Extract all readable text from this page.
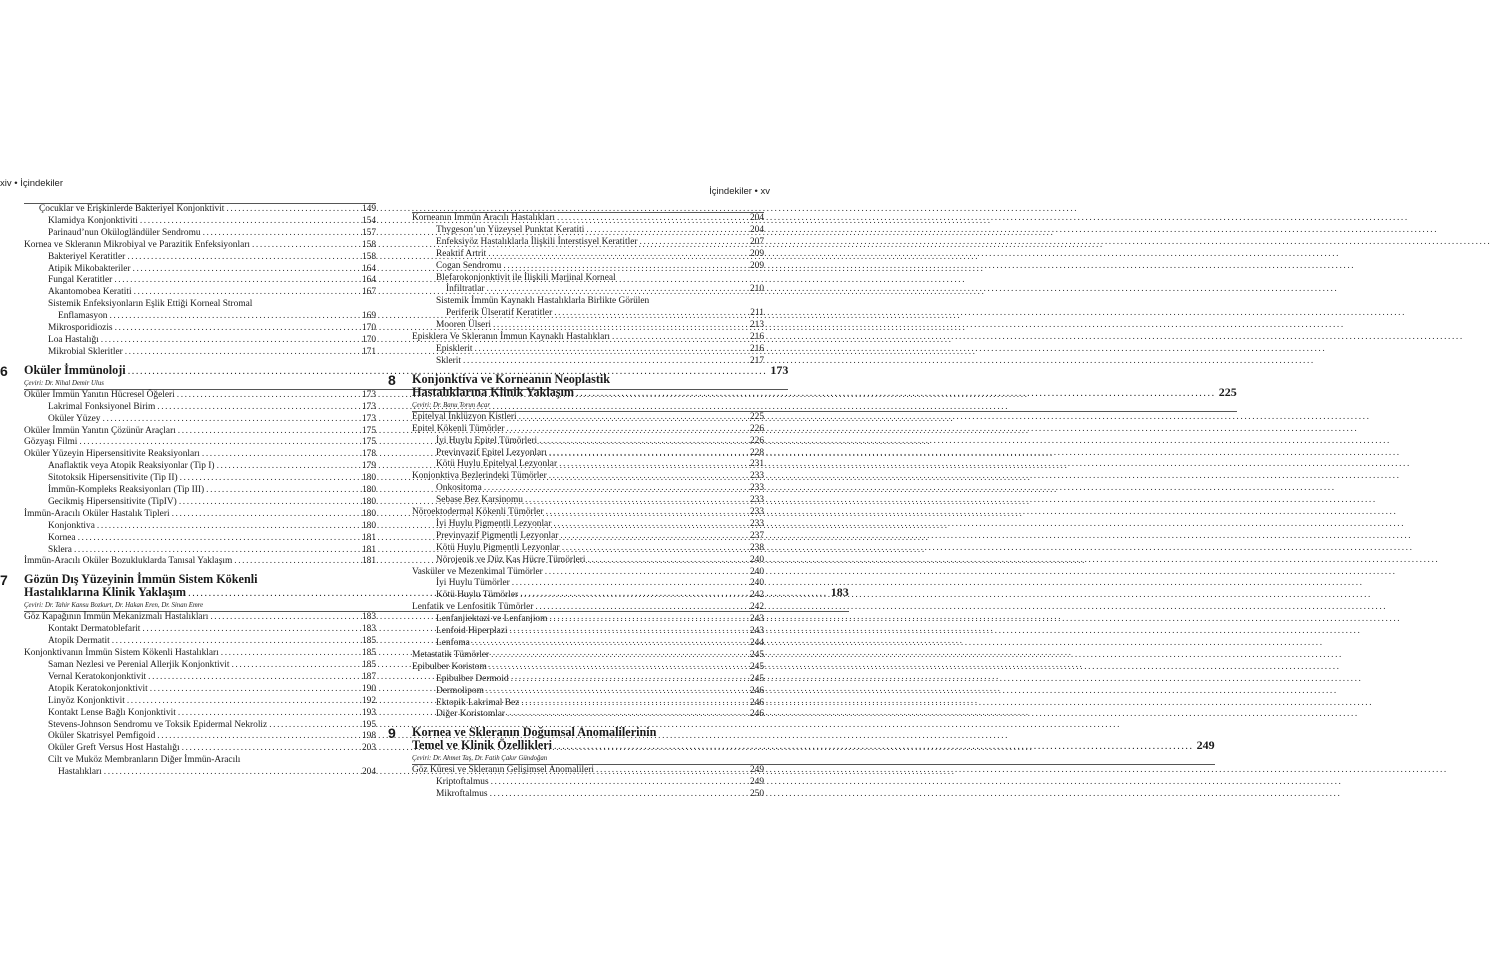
xiv • İçindekiler
İçindekiler • xv
Çocuklar ve Erişkinlerde Bakteriyel Konjonktivit .....	149
Klamidya Konjonktiviti .....	154
Parinaud’nun Okülogländüler Sendromu .....	157
Kornea ve Skleranın Mikrobiyal ve Parazitik Enfeksiyonları .....	158
Bakteriyel Keratitler .....	158
Atipik Mikobakteriler .....	164
Fungal Keratitler .....	164
Akantomobea Keratiti .....	167
Sistemik Enfeksiyonların Eşlik Ettiği Korneal Stromal
Enflamasyon .....	169
Mikrosporidiozis .....	170
Loa Hastalığı .....	170
Mikrobial Skleritler .....	171
6	Oküler İmmünoloji .....	173
Çeviri: Dr. Nihal Demir Ulus
Oküler İmmün Yanıtın Hücresel Öğeleri .....	173
Lakrimal Fonksiyonel Birim .....	173
Oküler Yüzey .....	173
Oküler İmmün Yanıtın Çözünür Araçları .....	175
Gözyaşı Filmi .....	175
Oküler Yüzeyin Hipersensitivite Reaksiyonları .....	178
Anaflaktik veya Atopik Reaksiyonlar (Tip I) .....	179
Sitotoksik Hipersensitivite (Tip II) .....	180
İmmün-Kompleks Reaksiyonları (Tip III) .....	180
Gecikmiş Hipersensitivite (TipIV) .....	180
İmmün-Aracılı Oküler Hastalık Tipleri .....	180
Konjonktiva .....	180
Kornea .....	181
Sklera .....	181
İmmün-Aracılı Oküler Bozukluklarda Tanısal Yaklaşım .....	181
7	Gözün Dış Yüzeyinin İmmün Sistem Kökenli
Hastalıklarına Klinik Yaklaşım .....	183
Çeviri: Dr. Tahir Kansu Bozkurt, Dr. Hakan Eren, Dr. Sinan Emre
Göz Kapağının İmmün Mekanizmalı Hastalıkları .....	183
Kontakt Dermatoblefarit .....	183
Atopik Dermatit .....	185
Konjonktivanın İmmün Sistem Kökenli Hastalıkları .....	185
Saman Nezlesi ve Perenial Allerjik Konjonktivit .....	185
Vernal Keratokonjonktivit .....	187
Atopik Keratokonjonktivit .....	190
Linyöz Konjonktivit .....	192
Kontakt Lense Bağlı Konjonktivit .....	193
Stevens-Johnson Sendromu ve Toksik Epidermal Nekroliz .....	195
Oküler Skatrisyel Pemfigoid .....	198
Oküler Greft Versus Host Hastalığı .....	203
Cilt ve Muköz Membranların Diğer İmmün-Aracılı
Hastalıkları .....	204
Korneanın İmmün Aracılı Hastalıkları .....	204
Thygeson’un Yüzeysel Punktat Keratiti .....	204
Enfeksiyöz Hastalıklarla İlişkili İnterstisyel Keratitler .....	207
Reaktif Artrit .....	209
Cogan Sendromu .....	209
Blefarokonjonktivit ile İlişkili Marjinal Korneal
İnfiltratlar .....	210
Sistemik İmmün Kaynaklı Hastalıklarla Birlikte Görülen
Periferik Ülseratif Keratitler .....	211
Mooren Ülseri .....	213
Episklera Ve Skleranın İmmun Kaynaklı Hastalıkları .....	216
Episklerit .....	216
Sklerit .....	217
8	Konjonktiva ve Korneanın Neoplastik
Hastalıklarına Klinik Yaklaşım .....	225
Çeviri: Dr. Banu Torun Acar
Epitelyal İnklüzyon Kistleri .....	225
Epitel Kökenli Tümörler .....	226
İyi Huylu Epitel Tümörleri .....	226
Previnvazif Epitel Lezyonları .....	228
Kötü Huylu Epitelyal Lezyonlar .....	231
Konjonktiva Bezlerindeki Tümörler .....	233
Onkositoma .....	233
Sebase Bez Karsinomu .....	233
Nöroektodermal Kökenli Tümörler .....	233
İyi Huylu Pigmentli Lezyonlar .....	233
Previnvazif Pigmentli Lezyonlar .....	237
Kötü Huylu Pigmentli Lezyonlar .....	238
Nörojenik ve Düz Kas Hücre Tümörleri .....	240
Vasküler ve Mezenkimal Tümörler .....	240
İyi Huylu Tümörler .....	240
Kötü Huylu Tümörler .....	242
Lenfatik ve Lenfositik Tümörler .....	242
Lenfanjiektazi ve Lenfanjiom .....	243
Lenfoid Hiperplazi .....	243
Lenfoma .....	244
Metastatik Tümörler .....	245
Epibulber Koristom .....	245
Epibulber Dermoid .....	245
Dermolipom .....	246
Ektopik Lakrimal Bez .....	246
Diğer Koristomlar .....	246
9	Kornea ve Skleranın Doğumsal Anomalilerinin
Temel ve Klinik Özellikleri .....	249
Çeviri: Dr. Ahmet Taş, Dr. Fatih Çakır Gündoğan
Göz Küresi ve Skleranın Gelişimsel Anomalileri .....	249
Kriptoftalmus .....	249
Mikroftalmus .....	250
